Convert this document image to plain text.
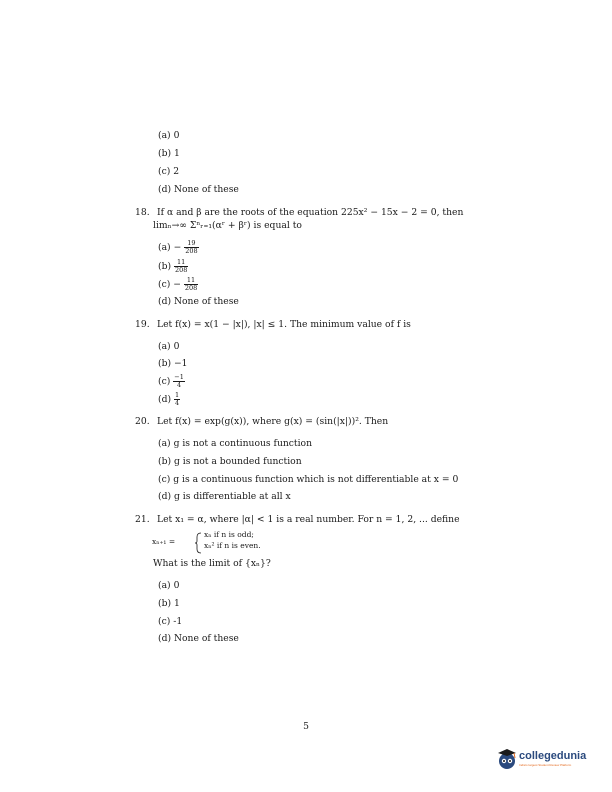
(a) 0
(b) 1
(c) 2
(d) None of these
18. If α and β are the roots of the equation 225x² − 15x − 2 = 0, then
limₙ→∞ Σⁿᵣ₌₁(αʳ + βʳ) is equal to
$(a) - \frac{19}{208}$
$(b) \frac{11}{208}$
$(c) - \frac{11}{208}$
(d) None of these
19. Let f(x) = x(1 − |x|), |x| ≤ 1. The minimum value of f is
(a) 0
(b) −1
$(c) \frac{-1}{4}$
$(d) \frac{1}{4}$
20. Let f(x) = exp(g(x)), where g(x) = (sin(|x|))². Then
(a) g is not a continuous function
(b) g is not a bounded function
(c) g is a continuous function which is not differentiable at x = 0
(d) g is differentiable at all x
21. Let x₁ = α, where |α| < 1 is a real number. For n = 1, 2, ... define
xₙ₊₁ =
xₙ if n is odd;
xₙ² if n is even.
What is the limit of {xₙ}?
(a) 0
(b) 1
(c) -1
(d) None of these
5
collegedunia
India's largest Student Review Platform
